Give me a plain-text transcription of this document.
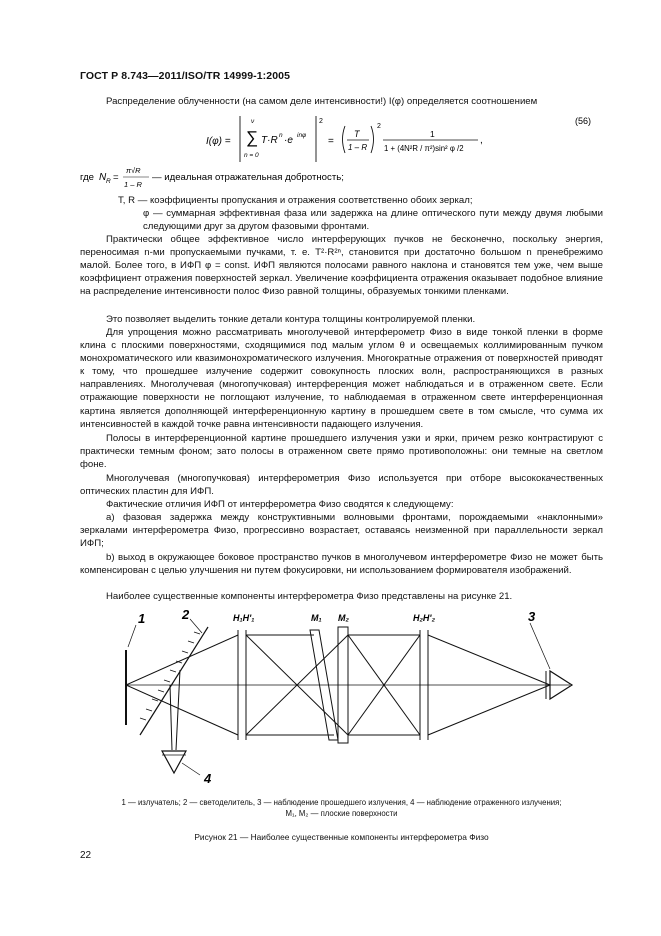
ГОСТ Р 8.743—2011/ISO/TR 14999-1:2005
Распределение облученности (на самом деле интенсивности!) I(φ) определяется соотношением
(56)
I(φ) =
ν
∑
n = 0
T·R n ·e inφ
2
=
T
1 – R
2
1
1 + (4N²R / π²)sin² φ /2
,
где N R =
π√R
1 – R
— идеальная отражательная добротность;
T, R — коэффициенты пропускания и отражения соответственно обоих зеркал;
φ — суммарная эффективная фаза или задержка на длине оптического пути между двумя любыми следующими друг за другом фазовыми фронтами.
Практически общее эффективное число интерферующих пучков не бесконечно, поскольку энергия, переносимая n-ми пропускаемыми пучками, т. е. T²·R²ⁿ, становится при достаточно большом n пренебрежимо малой. Более того, в ИФП φ = const. ИФП являются полосами равного наклона и становятся тем уже, чем выше коэффициент отражения поверхностей зеркал. Увеличение коэффициента отражения оказывает подобное влияние на распределение интенсивности полос Физо равной толщины, образуемых тонкими пленками.
Это позволяет выделить тонкие детали контура толщины контролируемой пленки.
Для упрощения можно рассматривать многолучевой интерферометр Физо в виде тонкой пленки в форме клина с плоскими поверхностями, сходящимися под малым углом θ и освещаемых коллимированным пучком монохроматического или квазимонохроматического излучения. Многократные отражения от поверхностей приводят к тому, что прошедшее излучение содержит совокупность плоских волн, распространяющихся в разных направлениях. Многолучевая (многопучковая) интерференция может наблюдаться и в отраженном свете. Если отражающие поверхности не поглощают излучение, то наблюдаемая в отраженном свете интерференционная картина является дополняющей интерференционную картину в прошедшем свете в том смысле, что сумма их интенсивностей в каждой точке равна интенсивности падающего излучения.
Полосы в интерференционной картине прошедшего излучения узки и ярки, причем резко контрастируют с практически темным фоном; зато полосы в отраженном свете прямо противоположны: они темные на светлом фоне.
Многолучевая (многопучковая) интерферометрия Физо используется при отборе высококачественных оптических пластин для ИФП.
Фактические отличия ИФП от интерферометра Физо сводятся к следующему:
a) фазовая задержка между конструктивными волновыми фронтами, порождаемыми «наклонными» зеркалами интерферометра Физо, прогрессивно возрастает, оставаясь неизменной при параллельности зеркал ИФП;
b) выход в окружающее боковое пространство пучков в многолучевом интерферометре Физо не может быть компенсирован с целью улучшения ни путем фокусировки, ни использованием формирователя изображений.
Наиболее существенные компоненты интерферометра Физо представлены на рисунке 21.
1	2	3
4
H₁H'₁	M₁ M₂	H₂H'₂
1 — излучатель; 2 — светоделитель, 3 — наблюдение прошедшего излучения, 4 — наблюдение отраженного излучения;
M₁, M₂ — плоские поверхности
Рисунок 21 — Наиболее существенные компоненты интерферометра Физо
22
